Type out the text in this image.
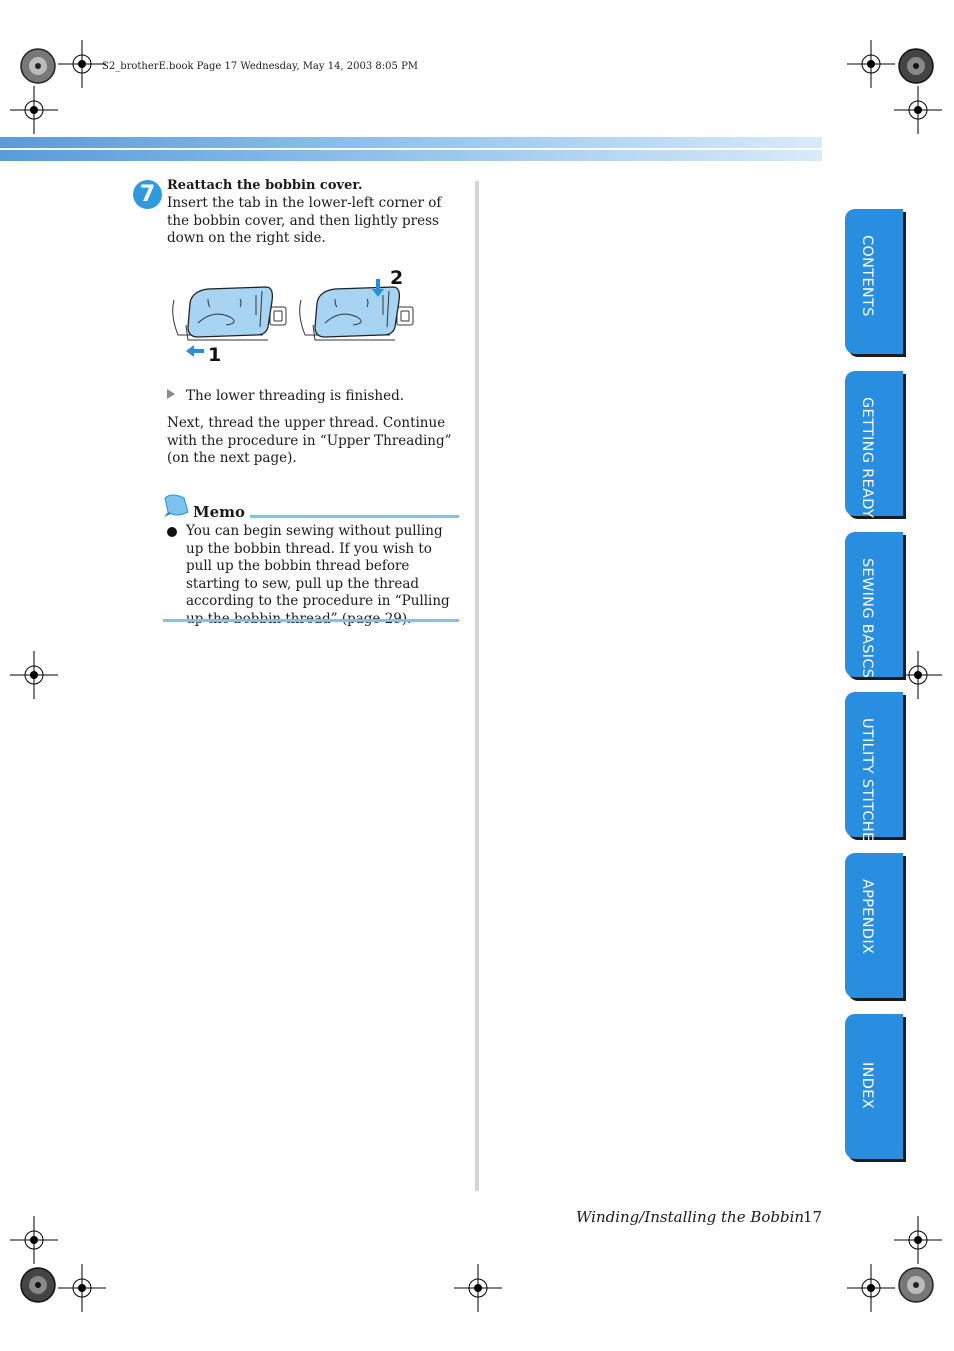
S2_brotherE.book Page 17 Wednesday, May 14, 2003 8:05 PM
7 Reattach the bobbin cover.
Insert the tab in the lower-left corner of the bobbin cover, and then lightly press down on the right side.
1
2
The lower threading is finished.
Next, thread the upper thread. Continue with the procedure in “Upper Threading” (on the next page).
Memo
You can begin sewing without pulling up the bobbin thread. If you wish to pull up the bobbin thread before starting to sew, pull up the thread according to the procedure in “Pulling
CONTENTS
GETTING READY
SEWING BASICS
UTILITY STITCHES
APPENDIX
INDEX
Winding/Installing the Bobbin
17
